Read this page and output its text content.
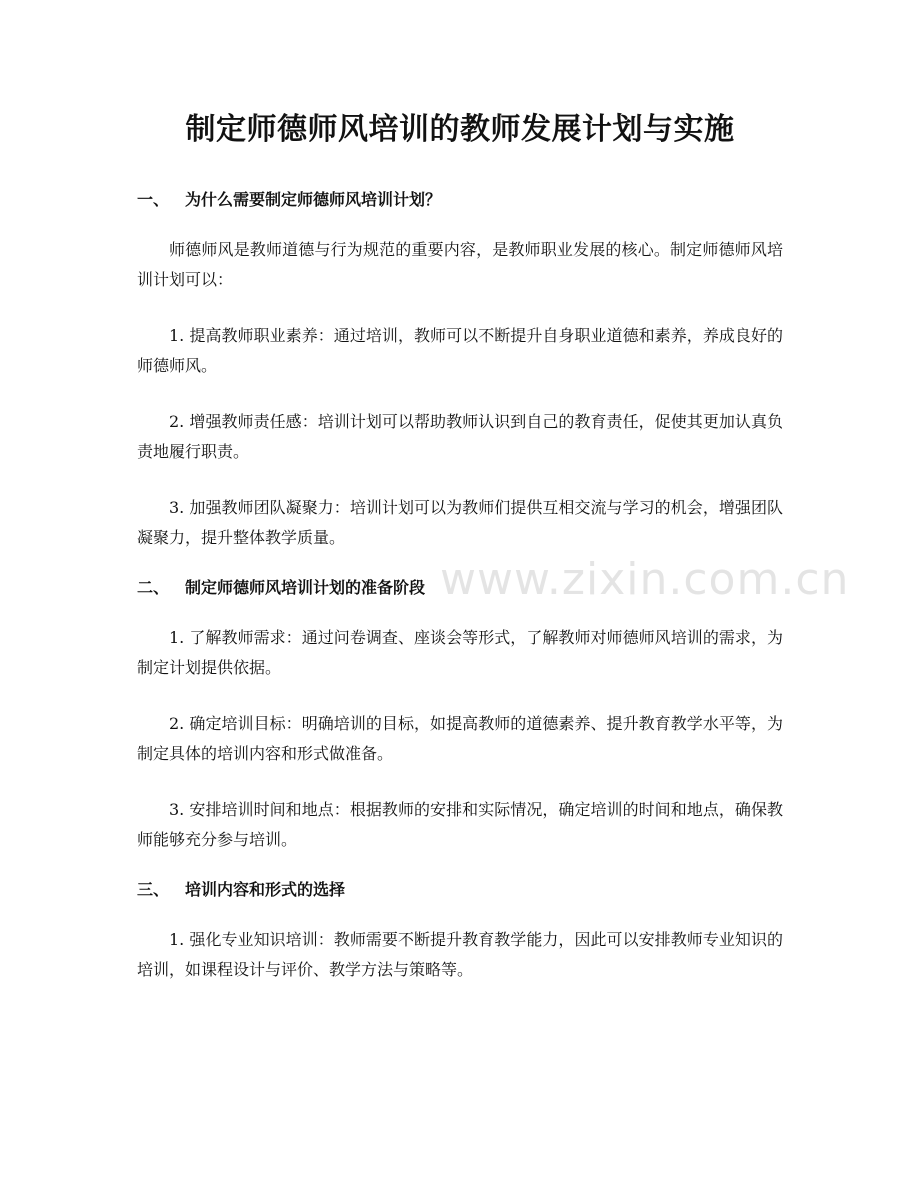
www.zixin.com.cn
制定师德师风培训的教师发展计划与实施
一、 为什么需要制定师德师风培训计划？

师德师风是教师道德与行为规范的重要内容，是教师职业发展的核心。制定师德师风培训计划可以：

1. 提高教师职业素养：通过培训，教师可以不断提升自身职业道德和素养，养成良好的师德师风。

2. 增强教师责任感：培训计划可以帮助教师认识到自己的教育责任，促使其更加认真负责地履行职责。

3. 加强教师团队凝聚力：培训计划可以为教师们提供互相交流与学习的机会，增强团队凝聚力，提升整体教学质量。

二、 制定师德师风培训计划的准备阶段

1. 了解教师需求：通过问卷调查、座谈会等形式，了解教师对师德师风培训的需求，为制定计划提供依据。

2. 确定培训目标：明确培训的目标，如提高教师的道德素养、提升教育教学水平等，为制定具体的培训内容和形式做准备。

3. 安排培训时间和地点：根据教师的安排和实际情况，确定培训的时间和地点，确保教师能够充分参与培训。

三、 培训内容和形式的选择

1. 强化专业知识培训：教师需要不断提升教育教学能力，因此可以安排教师专业知识的培训，如课程设计与评价、教学方法与策略等。
